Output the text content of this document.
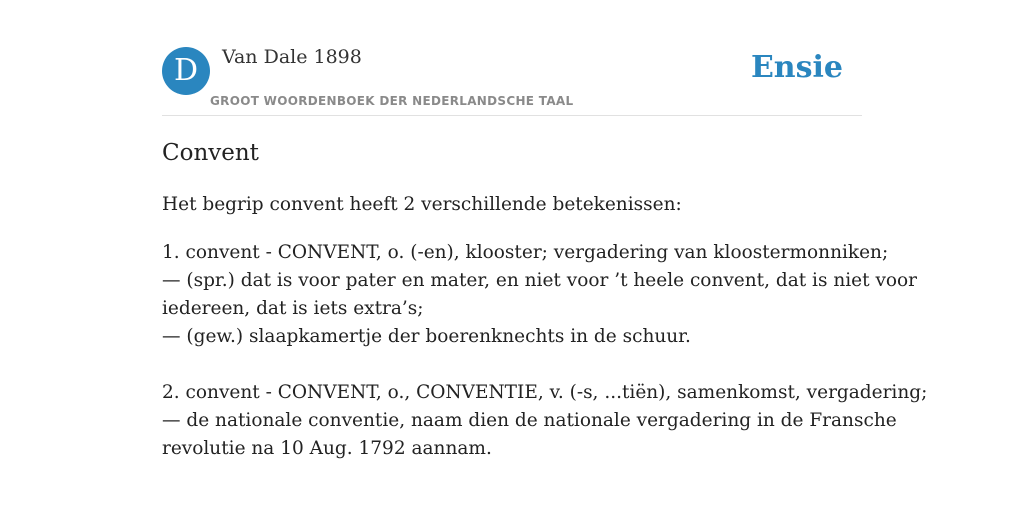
D	Van Dale 1898
GROOT WOORDENBOEK DER NEDERLANDSCHE TAAL
Ensie
Convent

Het begrip convent heeft 2 verschillende betekenissen:

1. convent - CONVENT, o. (-en), klooster; vergadering van kloostermonniken;
— (spr.) dat is voor pater en mater, en niet voor ’t heele convent, dat is niet voor
iedereen, dat is iets extra’s;
— (gew.) slaapkamertje der boerenknechts in de schuur.
2. convent - CONVENT, o., CONVENTIE, v. (-s, ...tiën), samenkomst, vergadering;
— de nationale conventie, naam dien de nationale vergadering in de Fransche
revolutie na 10 Aug. 1792 aannam.
